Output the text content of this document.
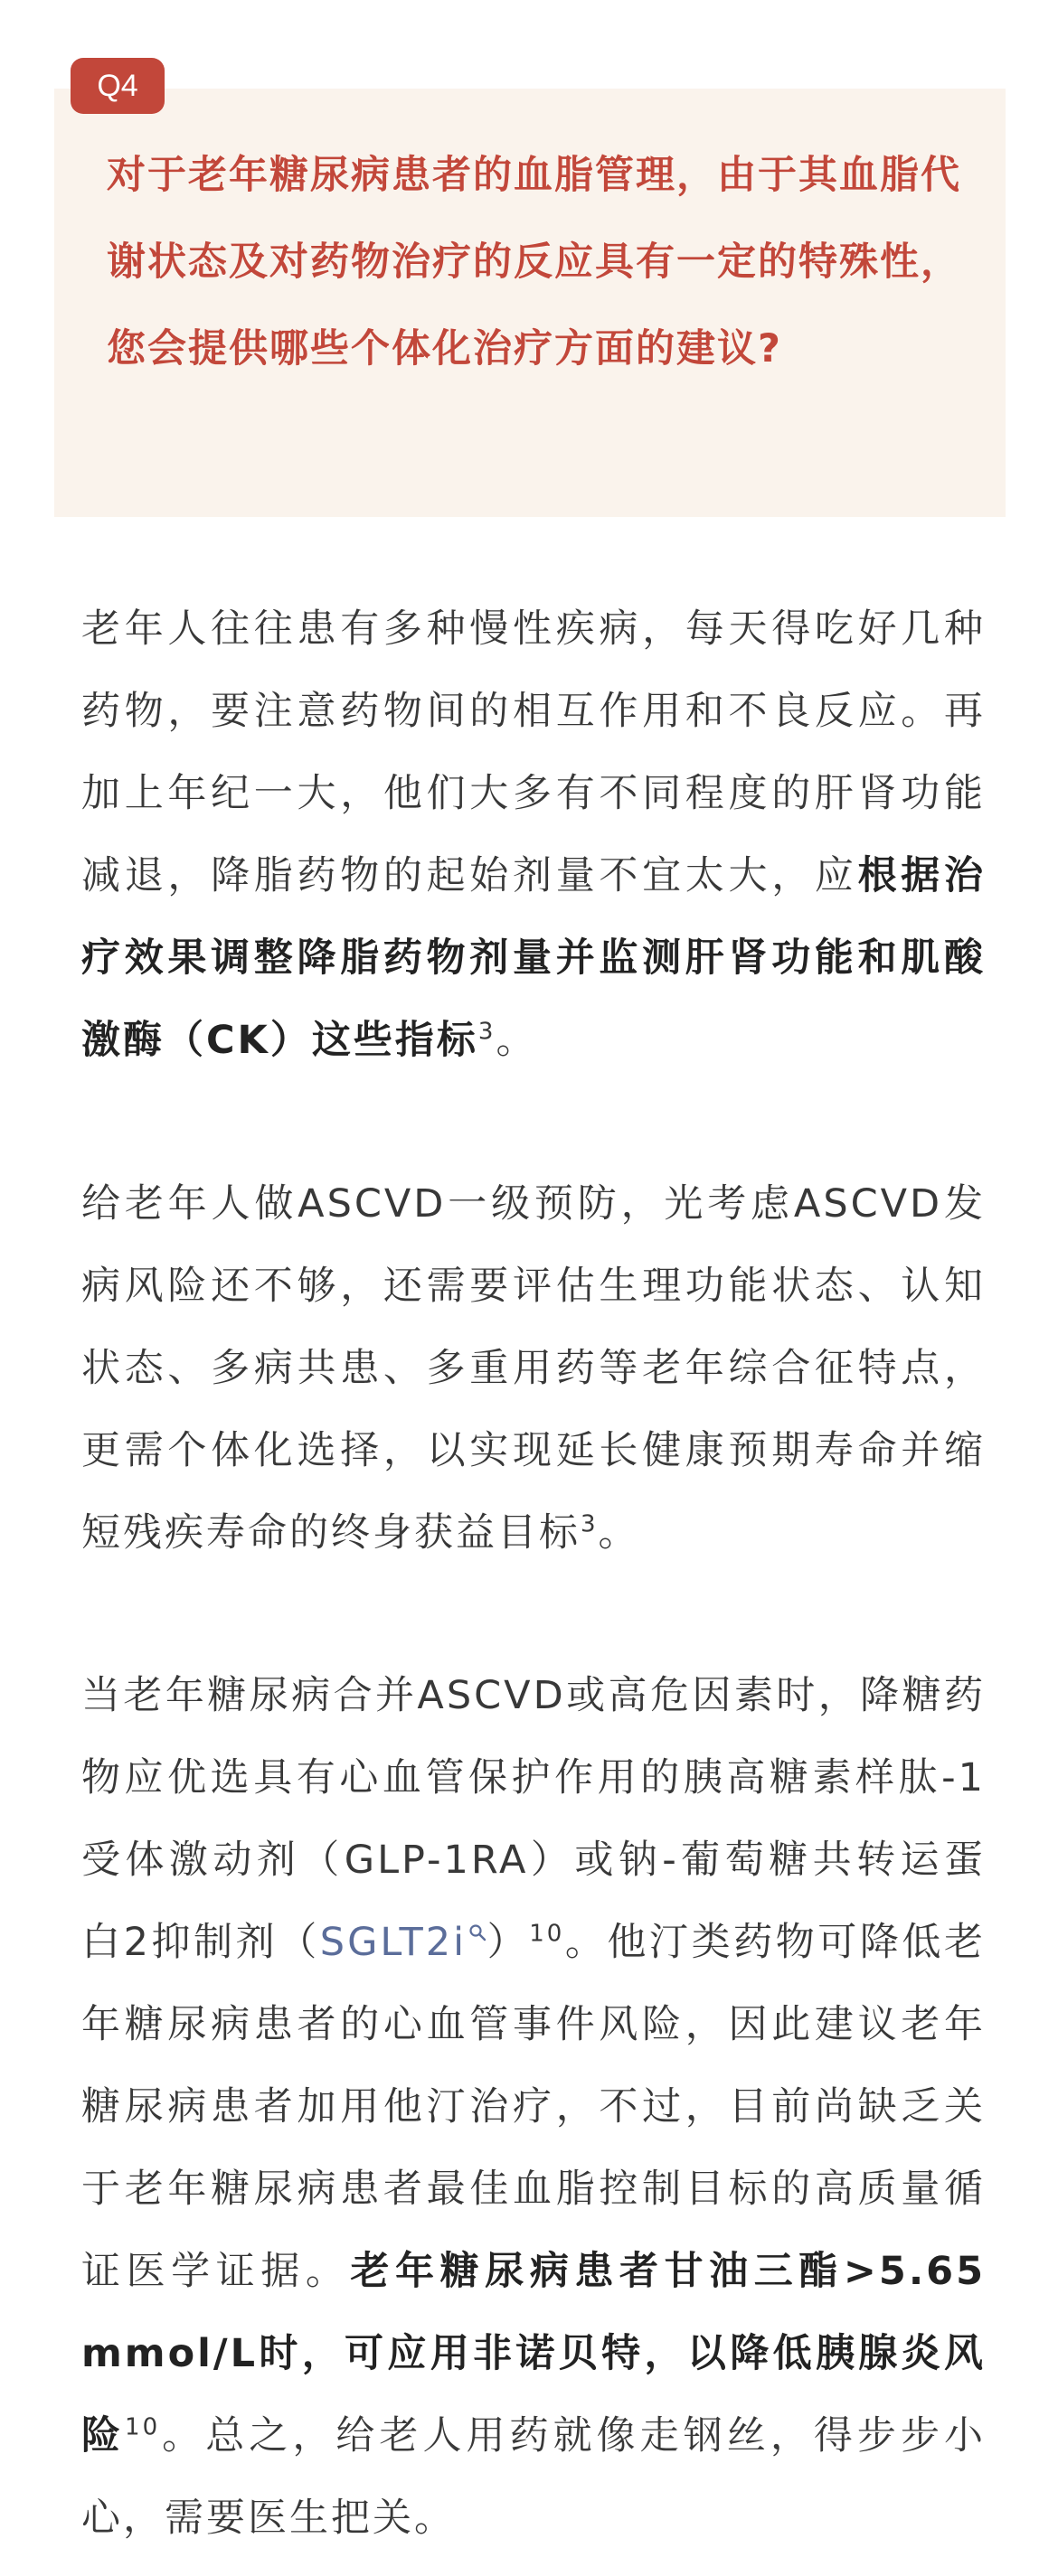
Q4

对于老年糖尿病患者的血脂管理，由于其血脂代谢状态及对药物治疗的反应具有一定的特殊性，您会提供哪些个体化治疗方面的建议?

老年人往往患有多种慢性疾病，每天得吃好几种药物，要注意药物间的相互作用和不良反应。再加上年纪一大，他们大多有不同程度的肝肾功能减退，降脂药物的起始剂量不宜太大，应根据治疗效果调整降脂药物剂量并监测肝肾功能和肌酸激酶（CK）这些指标$^3$。

给老年人做ASCVD一级预防，光考虑ASCVD发病风险还不够，还需要评估生理功能状态、认知状态、多病共患、多重用药等老年综合征特点，更需个体化选择，以实现延长健康预期寿命并缩短残疾寿命的终身获益目标$^3$。

当老年糖尿病合并ASCVD或高危因素时，降糖药物应优选具有心血管保护作用的胰高糖素样肽-1受体激动剂（GLP-1RA）或钠-葡萄糖共转运蛋白2抑制剂（SGLT2i ）$^{10}$。他汀类药物可降低老年糖尿病患者的心血管事件风险，因此建议老年糖尿病患者加用他汀治疗，不过，目前尚缺乏关于老年糖尿病患者最佳血脂控制目标的高质量循证医学证据。老年糖尿病患者甘油三酯>5.65 mmol/L时，可应用非诺贝特，以降低胰腺炎风险$^{10}$。总之，给老人用药就像走钢丝，得步步小心，需要医生把关。
